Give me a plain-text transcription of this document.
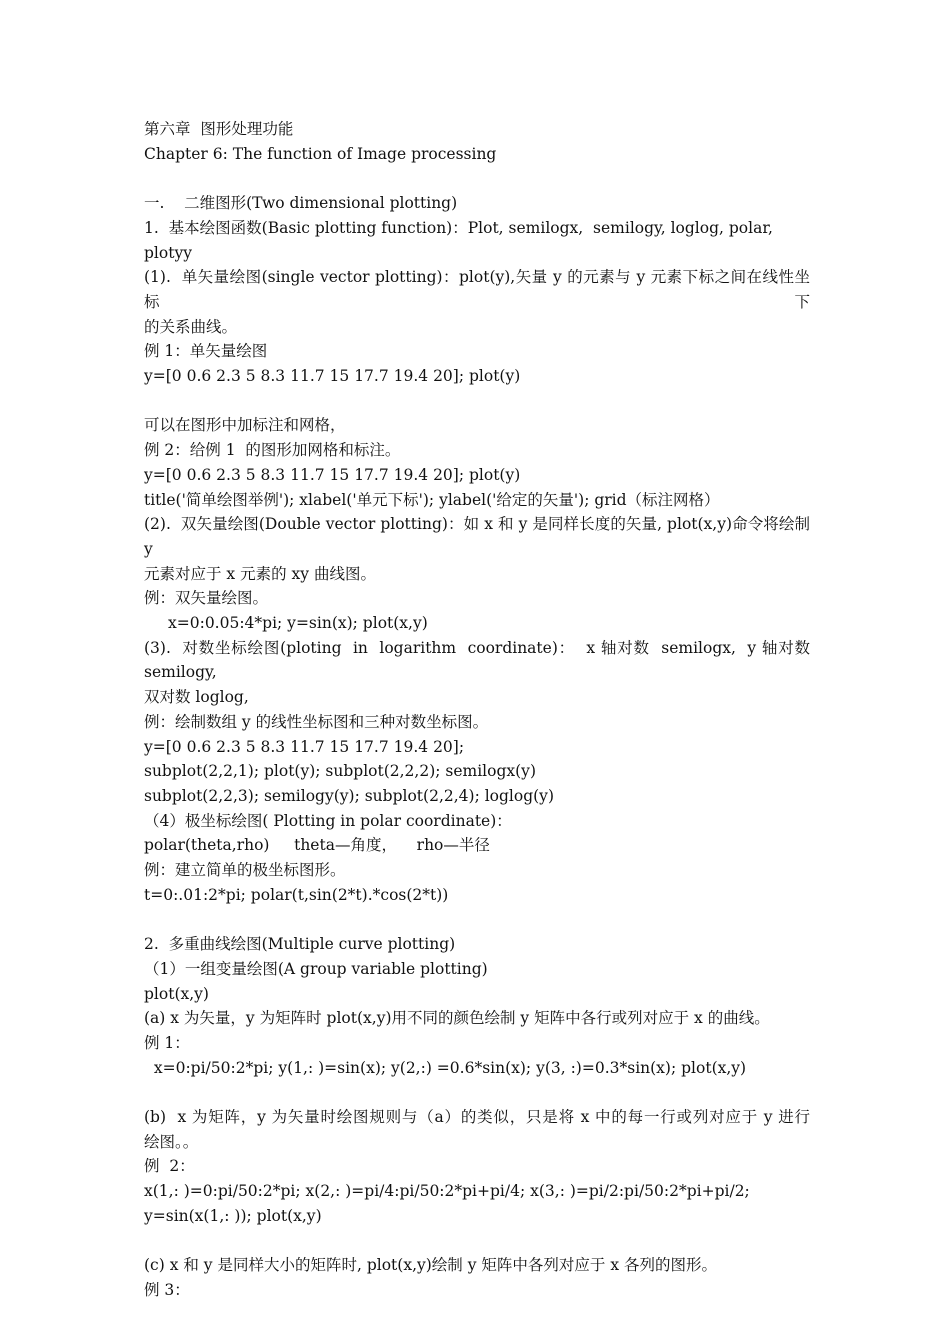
第六章  图形处理功能
Chapter 6: The function of Image processing
一.    二维图形(Two dimensional plotting)
1.  基本绘图函数(Basic plotting function)：Plot, semilogx,  semilogy, loglog, polar, plotyy
(1).  单矢量绘图(single vector plotting)：plot(y),矢量 y 的元素与 y 元素下标之间在线性坐标下
的关系曲线。
例 1：单矢量绘图
y=[0 0.6 2.3 5 8.3 11.7 15 17.7 19.4 20]; plot(y)
可以在图形中加标注和网格，
例 2：给例 1  的图形加网格和标注。
y=[0 0.6 2.3 5 8.3 11.7 15 17.7 19.4 20]; plot(y)
title('简单绘图举例'); xlabel('单元下标'); ylabel('给定的矢量'); grid（标注网格）
(2).  双矢量绘图(Double vector plotting)：如 x 和 y 是同样长度的矢量, plot(x,y)命令将绘制 y
元素对应于 x 元素的 xy 曲线图。
例：双矢量绘图。
x=0:0.05:4*pi; y=sin(x); plot(x,y)
(3).  对数坐标绘图(ploting  in  logarithm  coordinate)：  x 轴对数  semilogx,  y 轴对数 semilogy,
双对数 loglog,
例：绘制数组 y 的线性坐标图和三种对数坐标图。
y=[0 0.6 2.3 5 8.3 11.7 15 17.7 19.4 20];
subplot(2,2,1); plot(y); subplot(2,2,2); semilogx(y)
subplot(2,2,3); semilogy(y); subplot(2,2,4); loglog(y)
（4）极坐标绘图( Plotting in polar coordinate)：
polar(theta,rho)     theta—角度，    rho—半径
例：建立简单的极坐标图形。
t=0:.01:2*pi; polar(t,sin(2*t).*cos(2*t))
2.  多重曲线绘图(Multiple curve plotting)
（1）一组变量绘图(A group variable plotting)
plot(x,y)
(a) x 为矢量，y 为矩阵时 plot(x,y)用不同的颜色绘制 y 矩阵中各行或列对应于 x 的曲线。
例 1：
x=0:pi/50:2*pi; y(1,: )=sin(x); y(2,:) =0.6*sin(x); y(3, :)=0.3*sin(x); plot(x,y)
(b)  x 为矩阵，y 为矢量时绘图规则与（a）的类似，只是将 x 中的每一行或列对应于 y 进行
绘图。。
例  2：
x(1,: )=0:pi/50:2*pi; x(2,: )=pi/4:pi/50:2*pi+pi/4; x(3,: )=pi/2:pi/50:2*pi+pi/2;
y=sin(x(1,: )); plot(x,y)
(c) x 和 y 是同样大小的矩阵时, plot(x,y)绘制 y 矩阵中各列对应于 x 各列的图形。
例 3：
